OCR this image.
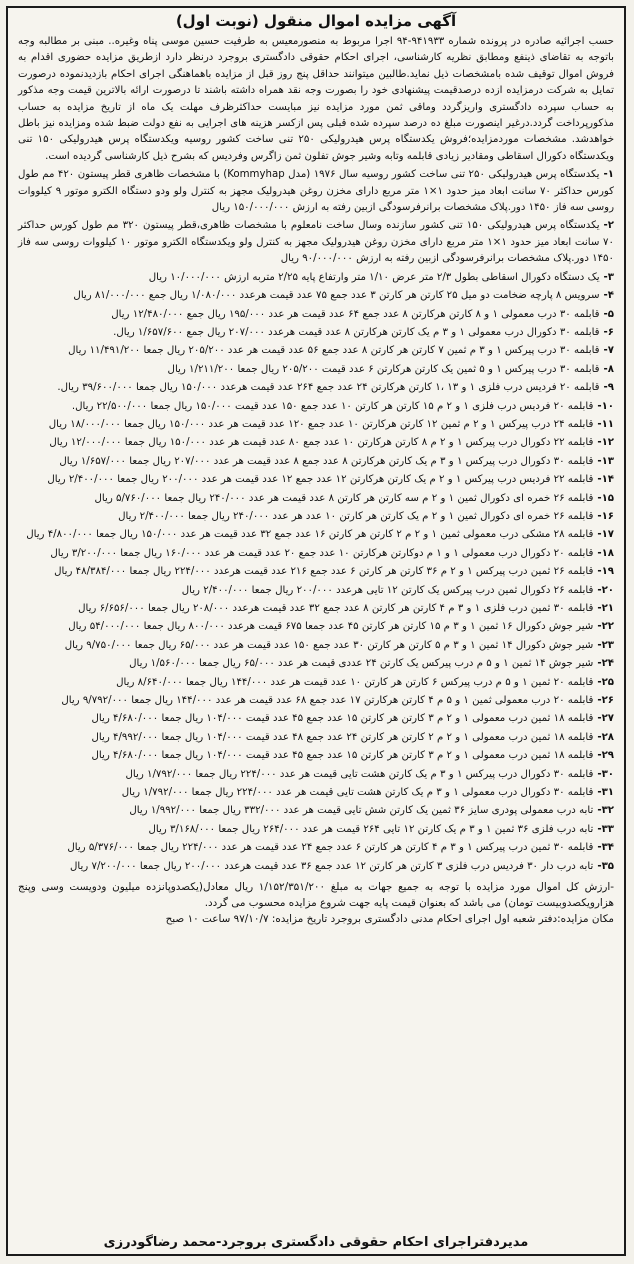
آگهی مزایده اموال منقول (نوبت اول)

حسب اجرائیه صادره در پرونده شماره ۹۴۱۹۳۳-۹۴ اجرا مربوط به منصورمعیس به طرفیت حسین موسی پناه وغیره.. مبنی بر مطالبه وجه باتوجه به تقاضای ذینفع ومطابق نظریه کارشناسی، اجرای احکام حقوقی دادگستری بروجرد درنظر دارد ازطریق مزایده حضوری اقدام به فروش اموال توقیف شده بامشخصات ذیل نماید.طالبین میتوانند حداقل پنج روز قبل از مزایده باهماهنگی اجرای احکام بازدیدنموده درصورت تمایل به شرکت درمزایده ازده درصدقیمت پیشنهادی خود را بصورت وجه نقد همراه داشته باشند تا درصورت ارائه بالاترین قیمت وجه مذکور به حساب سپرده دادگستری واریزگردد وماقی ثمن مورد مزایده نیز مبایست حداکثرظرف مهلت یک ماه از تاریخ مزایده به حساب مذکورپرداخت گردد.درغیر اینصورت مبلغ ده درصد سپرده شده قبلی پس ازکسر هزینه های اجرایی به نفع دولت ضبط شده ومزایده نیز باطل خواهدشد. مشخصات موردمزایده؛فروش یکدستگاه پرس هیدرولیکی ۲۵۰ تنی ساخت کشور روسیه ویکدستگاه پرس هیدرولیکی ۱۵۰ تنی ویکدستگاه دکورال اسقاطی ومقادیر زیادی قابلمه وتابه وشیر جوش تفلون ثمن زاگرس وفردیس که بشرح ذیل کارشناسی گردیده است.

۱-یکدستگاه پرس هیدرولیکی ۲۵۰ تنی ساخت کشور روسیه سال ۱۹۷۶ (مدل Kommyhap) با مشخصات ظاهری قطر پیستون ۴۲۰ مم طول کورس حداکثر ۷۰ سانت ابعاد میز حدود ۱×۱ متر مربع دارای مخزن روغن هیدرولیک مجهز به کنترل ولو ودو دستگاه الکترو موتور ۹ کیلووات روسی سه فاز ۱۴۵۰ دور.پلاک مشخصات برانرفرسودگی ازبین رفته به ارزش ۱۵۰/۰۰۰/۰۰۰ ریال
۲-یکدستگاه پرس هیدرولیکی ۱۵۰ تنی کشور سازنده وسال ساخت نامعلوم با مشخصات ظاهری،قطر پیستون ۳۲۰ مم طول کورس حداکثر ۷۰ سانت ابعاد میز حدود ۱×۱ متر مربع دارای مخزن روغن هیدرولیک مجهز به کنترل ولو ویکدستگاه الکترو موتور ۱۰ کیلووات روسی سه فاز ۱۴۵۰ دور.پلاک مشخصات برانرفرسودگی ازبین رفته به ارزش ۹۰/۰۰۰/۰۰۰ ریال
۳-یک دستگاه دکورال اسقاطی بطول ۲/۳ متر عرض ۱/۱۰ متر وارتفاع پایه ۲/۲۵ متربه ارزش ۱۰/۰۰۰/۰۰۰ ریال
۴-سرویس ۸ پارچه ضخامت دو میل ۲۵ کارتن هر کارتن ۳ عدد جمع ۷۵ عدد قیمت هرعدد ۱/۰۸۰/۰۰۰ ریال جمع ۸۱/۰۰۰/۰۰۰ ریال
۵-قابلمه ۳۰ درب معمولی ۱ و ۸ کارتن هرکارتن ۸ عدد جمع ۶۴ عدد قیمت هر عدد ۱۹۵/۰۰۰ ریال جمع ۱۲/۴۸۰/۰۰۰ ریال
۶-قابلمه ۳۰ دکورال درب معمولی ۱ و ۳ م یک کارتن هرکارتن ۸ عدد قیمت هرعدد ۲۰۷/۰۰۰ ریال جمع ۱/۶۵۷/۶۰۰ ریال.
۷-قابلمه ۳۰ درب پیرکس ۱ و ۳ م ثمین ۷ کارتن هر کارتن ۸ عدد جمع ۵۶ عدد قیمت هر عدد ۲۰۵/۲۰۰ ریال جمعا ۱۱/۴۹۱/۲۰۰ ریال
۸-قابلمه ۳۰ درب پیرکس ۱ و ۵ ثمین یک کارتن هرکارتن ۶ عدد قیمت ۲۰۵/۲۰۰ ریال جمعا ۱/۲۱۱/۲۰۰ ریال
۹-قابلمه ۲۰ فردیس درب فلزی ۱ و ۱۳ ،۱ کارتن هرکارتن ۲۴ عدد جمع ۲۶۴ عدد قیمت هرعدد ۱۵۰/۰۰۰ ریال جمعا ۳۹/۶۰۰/۰۰۰ ریال.
۱۰-قابلمه ۲۰ فردیس درب فلزی ۱ و ۲ م ۱۵ کارتن هر کارتن ۱۰ عدد جمع ۱۵۰ عدد قیمت ۱۵۰/۰۰۰ ریال جمعا ۲۲/۵۰۰/۰۰۰ ریال.
۱۱-قابلمه ۲۴ درب پیرکس ۱ و ۲ م ثمین ۱۲ کارتن هرکارتن ۱۰ عدد جمع ۱۲۰ عدد قیمت هر عدد ۱۵۰/۰۰۰ ریال جمعا ۱۸/۰۰۰/۰۰۰ ریال
۱۲-قابلمه ۲۲ دکورال درب پیرکس ۱ و ۲ م ۸ کارتن هرکارتن ۱۰ عدد جمع ۸۰ عدد قیمت هر عدد ۱۵۰/۰۰۰ ریال جمعا ۱۲/۰۰۰/۰۰۰ ریال
۱۳-قابلمه ۳۰ دکورال درب پیرکس ۱ و ۳ م یک کارتن هرکارتن ۸ عدد جمع ۸ عدد قیمت هر عدد ۲۰۷/۰۰۰ ریال جمعا ۱/۶۵۷/۰۰۰ ریال
۱۴-قابلمه ۲۲ فردیس درب پیرکس ۱ و ۲ م یک کارتن هرکارتن ۱۲ عدد جمع ۱۲ عدد قیمت هر عدد ۲۰۰/۰۰۰ ریال جمعا ۲/۴۰۰/۰۰۰ ریال
۱۵-قابلمه ۲۶ خمره ای دکورال ثمین ۱ و ۲ م سه کارتن هر کارتن ۸ عدد قیمت هر عدد ۲۴۰/۰۰۰ ریال جمعا ۵/۷۶۰/۰۰۰ ریال
۱۶-قابلمه ۲۶ خمره ای دکورال ثمین ۱ و ۲ م یک کارتن هر کارتن ۱۰ عدد هر عدد ۲۴۰/۰۰۰ ریال جمعا ۲/۴۰۰/۰۰۰ ریال
۱۷-قابلمه ۲۸ مشکی درب معمولی ثمین ۱ و ۲ م ۲ کارتن هر کارتن ۱۶ عدد جمع ۳۲ عدد قیمت هر عدد ۱۵۰/۰۰۰ ریال جمعا ۴/۸۰۰/۰۰۰ ریال
۱۸-قابلمه ۲۰ دکورال درب معمولی ۱ و ۱ م دوکارتن هرکارتن ۱۰ عدد جمع ۲۰ عدد قیمت هر عدد ۱۶۰/۰۰۰ ریال جمعا ۳/۲۰۰/۰۰۰ ریال
۱۹-قابلمه ۲۶ ثمین درب پیرکس ۱ و ۲ م ۳۶ کارتن هر کارتن ۶ عدد جمع ۲۱۶ عدد قیمت هرعدد ۲۲۴/۰۰۰ ریال جمعا ۴۸/۳۸۴/۰۰۰ ریال
۲۰-قابلمه ۲۶ دکورال ثمین درب پیرکس یک کارتن ۱۲ تایی هرعدد ۲۰۰/۰۰۰ ریال جمعا ۲/۴۰۰/۰۰۰ ریال
۲۱-قابلمه ۳۰ ثمین درب فلزی ۱ و ۳ م ۴ کارتن هر کارتن ۸ عدد جمع ۳۲ عدد قیمت هرعدد ۲۰۸/۰۰۰ ریال جمعا ۶/۶۵۶/۰۰۰ ریال
۲۲-شیر جوش دکورال ۱۶ ثمین ۱ و ۳ م ۱۵ کارتن هر کارتن ۴۵ عدد جمعا ۶۷۵ قیمت هرعدد ۸۰۰/۰۰۰ ریال جمعا ۵۴/۰۰۰/۰۰۰ ریال
۲۳-شیر جوش دکورال ۱۴ ثمین ۱ و ۳ م ۵ کارتن هر کارتن ۳۰ عدد جمع ۱۵۰ عدد قیمت هر عدد ۶۵/۰۰۰ ریال جمعا ۹/۷۵۰/۰۰۰ ریال
۲۴-شیر جوش ۱۴ ثمین ۱ و ۵ م درب پیرکس یک کارتن ۲۴ عددی قیمت هر عدد ۶۵/۰۰۰ ریال جمعا ۱/۵۶۰/۰۰۰ ریال
۲۵-قابلمه ۲۰ ثمین ۱ و ۵ م درب پیرکس ۶ کارتن هر کارتن ۱۰ عدد قیمت هر عدد ۱۴۴/۰۰۰ ریال جمعا ۸/۶۴۰/۰۰۰ ریال
۲۶-قابلمه ۲۰ درب معمولی ثمین ۱ و ۵ م ۴ کارتن هرکارتن ۱۷ عدد جمع ۶۸ عدد قیمت هر عدد ۱۴۴/۰۰۰ ریال جمعا ۹/۷۹۲/۰۰۰ ریال
۲۷-قابلمه ۱۸ ثمین درب معمولی ۱ و ۲ م ۳ کارتن هر کارتن ۱۵ عدد جمع ۴۵ عدد قیمت ۱۰۴/۰۰۰ ریال جمعا ۴/۶۸۰/۰۰۰ ریال
۲۸-قابلمه ۱۸ ثمین درب معمولی ۱ و ۲ م ۲ کارتن هر کارتن ۲۴ عدد جمع ۴۸ عدد قیمت ۱۰۴/۰۰۰ ریال جمعا ۴/۹۹۲/۰۰۰ ریال
۲۹-قابلمه ۱۸ ثمین درب معمولی ۱ و ۲ م ۳ کارتن هر کارتن ۱۵ عدد جمع ۴۵ عدد قیمت ۱۰۴/۰۰۰ ریال جمعا ۴/۶۸۰/۰۰۰ ریال
۳۰-قابلمه ۳۰ دکورال درب پیرکس ۱ و ۳ م یک کارتن هشت تایی قیمت هر عدد ۲۲۴/۰۰۰ ریال جمعا ۱/۷۹۲/۰۰۰ ریال
۳۱-قابلمه ۳۰ دکورال درب معمولی ۱ و ۳ م یک کارتن هشت تایی قیمت هر عدد ۲۲۴/۰۰۰ ریال جمعا ۱/۷۹۲/۰۰۰ ریال
۳۲-تابه درب معمولی پودری سایز ۳۶ ثمین یک کارتن شش تایی قیمت هر عدد ۳۳۲/۰۰۰ ریال جمعا ۱/۹۹۲/۰۰۰ ریال
۳۳-تابه درب فلزی ۳۶ ثمین ۱ و ۳ م یک کارتن ۱۲ تایی ۲۶۴ قیمت هر عدد ۲۶۴/۰۰۰ ریال جمعا ۳/۱۶۸/۰۰۰ ریال
۳۴-قابلمه ۳۰ ثمین درب پیرکس ۱ و ۳ م ۴ کارتن هر کارتن ۶ عدد جمع ۲۴ عدد قیمت هر عدد ۲۲۴/۰۰۰ ریال جمعا ۵/۳۷۶/۰۰۰ ریال
۳۵-تابه درب دار ۳۰ فردیس درب فلزی ۳ کارتن هر کارتن ۱۲ عدد جمع ۳۶ عدد قیمت هرعدد ۲۰۰/۰۰۰ ریال جمعا ۷/۲۰۰/۰۰۰ ریال

-ارزش کل اموال مورد مزایده با توجه به جمیع جهات به مبلغ ۱/۱۵۲/۳۵۱/۲۰۰ ریال معادل(یکصدوپانزده میلیون ودویست وسی وپنج هزارویکصدوبیست تومان) می باشد که بعنوان قیمت پایه جهت شروع مزایده محسوب می گردد.

مکان مزایده:دفتر شعبه اول اجرای احکام مدنی دادگستری بروجرد تاریخ مزایده: ۹۷/۱۰/۷ ساعت ۱۰ صبح

مدیردفتراجرای احکام حقوقی دادگستری بروجرد-محمد رضاگودرزی
